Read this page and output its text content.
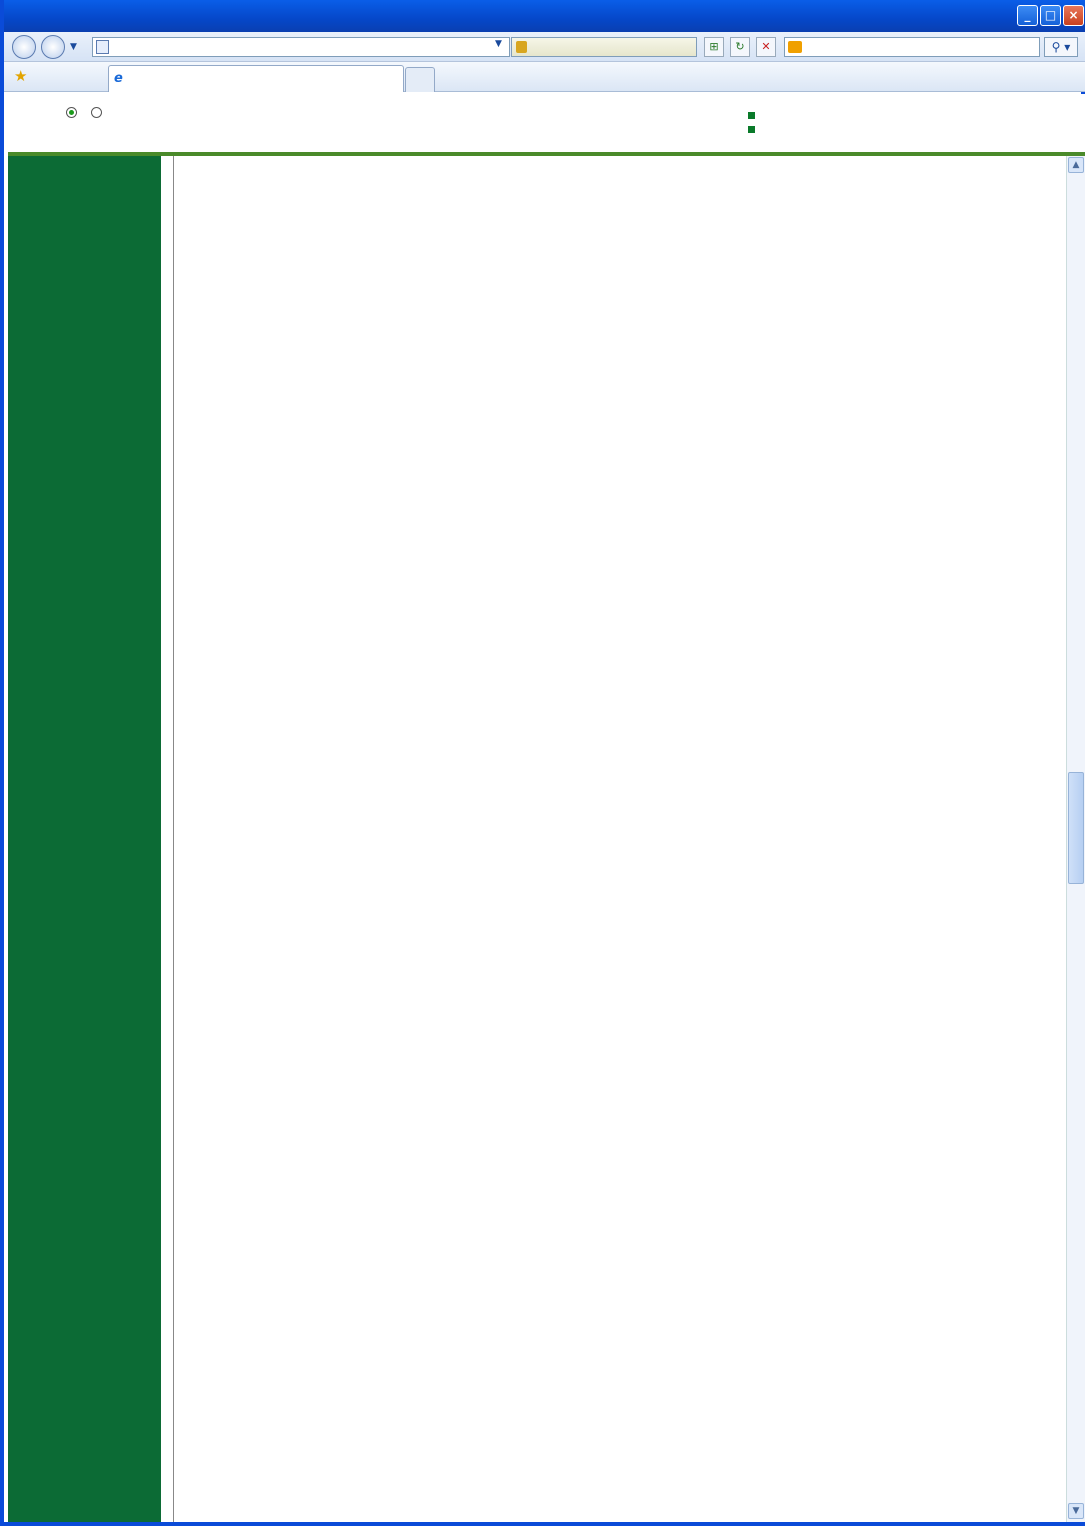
_	□	×
▼	▼	⊞	↻	✕	⚲ ▾
★	e

▲
▼
